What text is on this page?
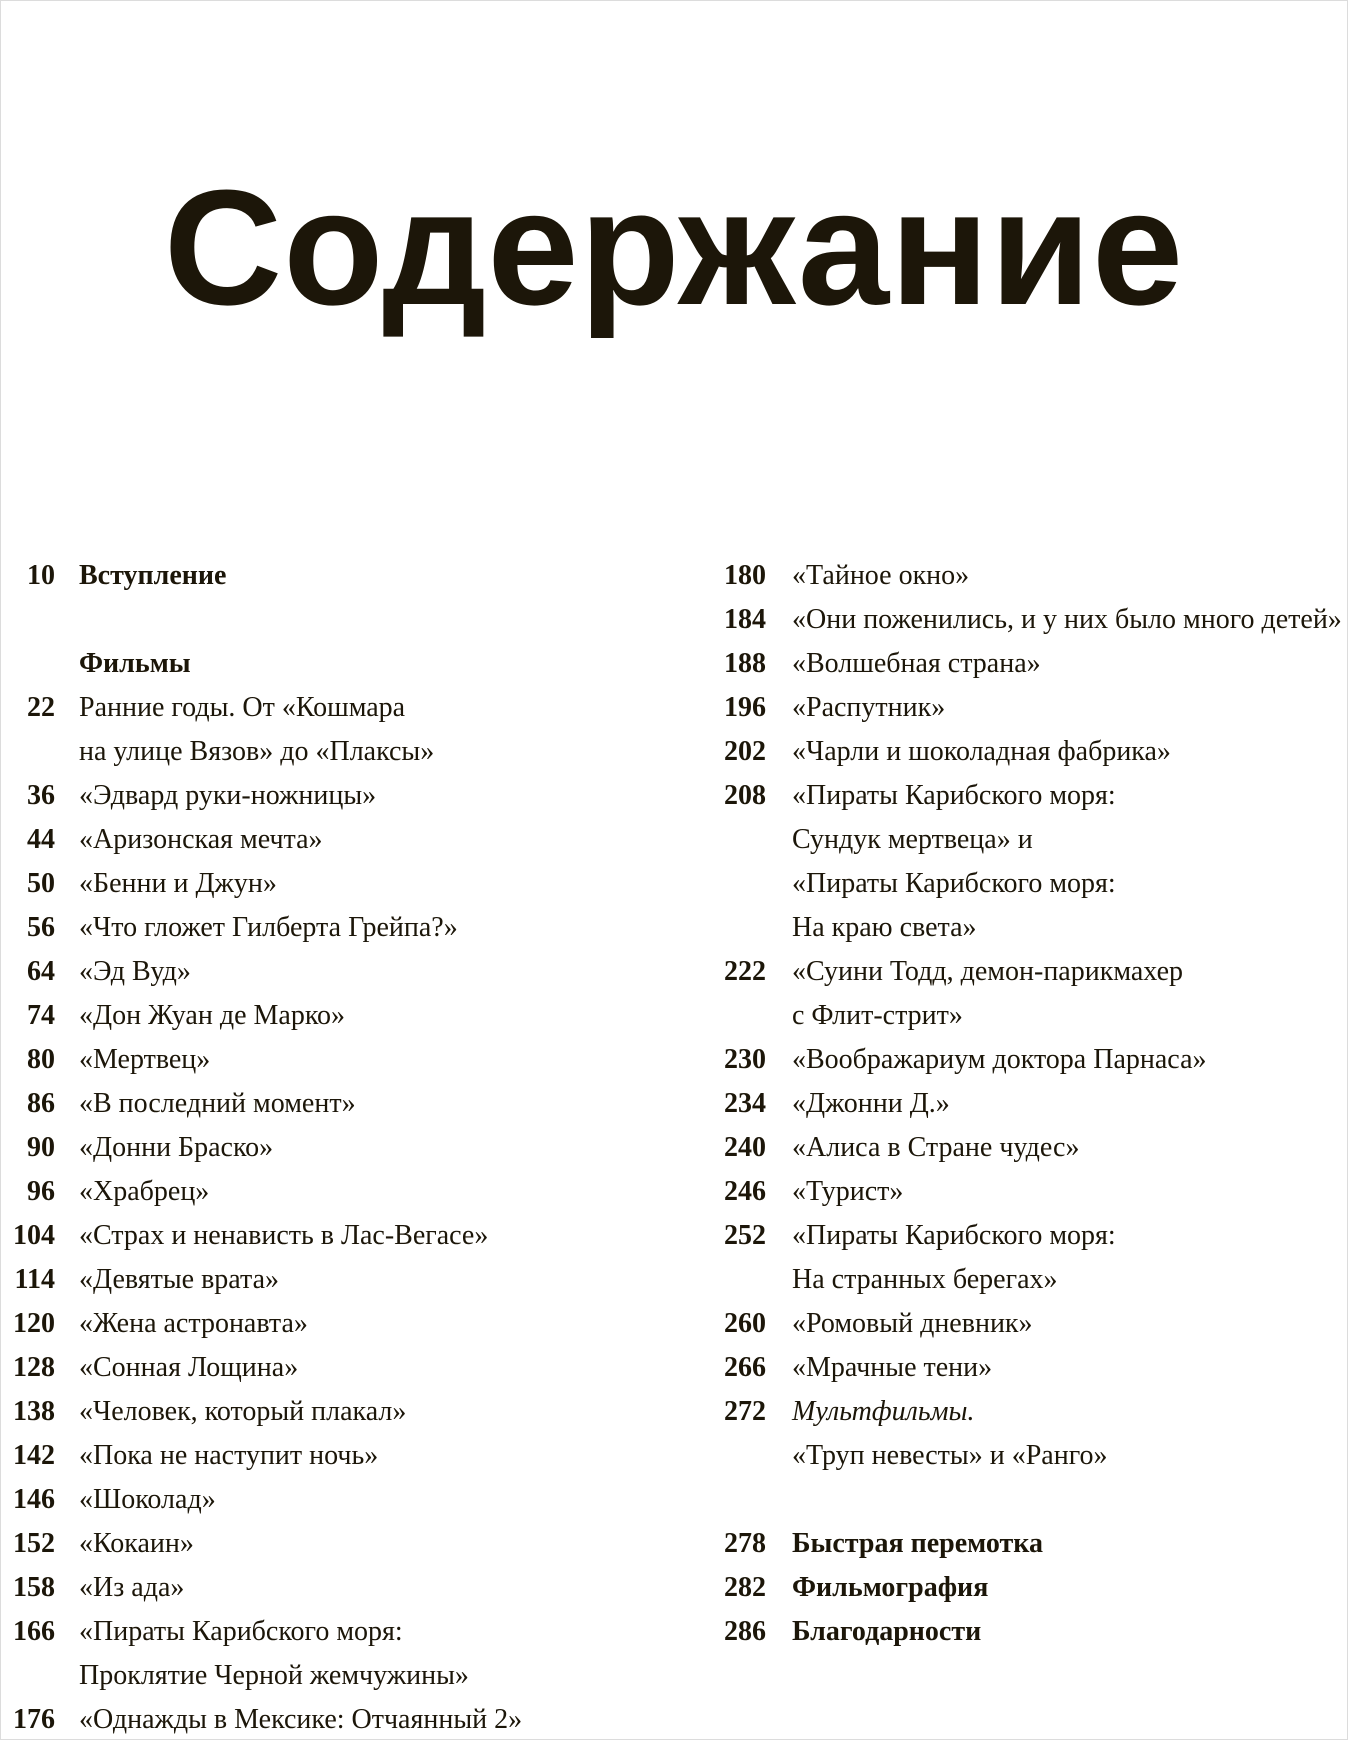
Содержание
10 Вступление
Фильмы
22 Ранние годы. От «Кошмара
на улице Вязов» до «Плаксы»
36 «Эдвард руки-ножницы»
44 «Аризонская мечта»
50 «Бенни и Джун»
56 «Что гложет Гилберта Грейпа?»
64 «Эд Вуд»
74 «Дон Жуан де Марко»
80 «Мертвец»
86 «В последний момент»
90 «Донни Браско»
96 «Храбрец»
104 «Страх и ненависть в Лас-Вегасе»
114 «Девятые врата»
120 «Жена астронавта»
128 «Сонная Лощина»
138 «Человек, который плакал»
142 «Пока не наступит ночь»
146 «Шоколад»
152 «Кокаин»
158 «Из ада»
166 «Пираты Карибского моря:
Проклятие Черной жемчужины»
176 «Однажды в Мексике: Отчаянный 2»
180 «Тайное окно»
184 «Они поженились, и у них было много детей»
188 «Волшебная страна»
196 «Распутник»
202 «Чарли и шоколадная фабрика»
208 «Пираты Карибского моря:
Сундук мертвеца» и
«Пираты Карибского моря:
На краю света»
222 «Суини Тодд, демон-парикмахер
с Флит-стрит»
230 «Воображариум доктора Парнаса»
234 «Джонни Д.»
240 «Алиса в Стране чудес»
246 «Турист»
252 «Пираты Карибского моря:
На странных берегах»
260 «Ромовый дневник»
266 «Мрачные тени»
272 Мультфильмы.
«Труп невесты» и «Ранго»
278 Быстрая перемотка
282 Фильмография
286 Благодарности
